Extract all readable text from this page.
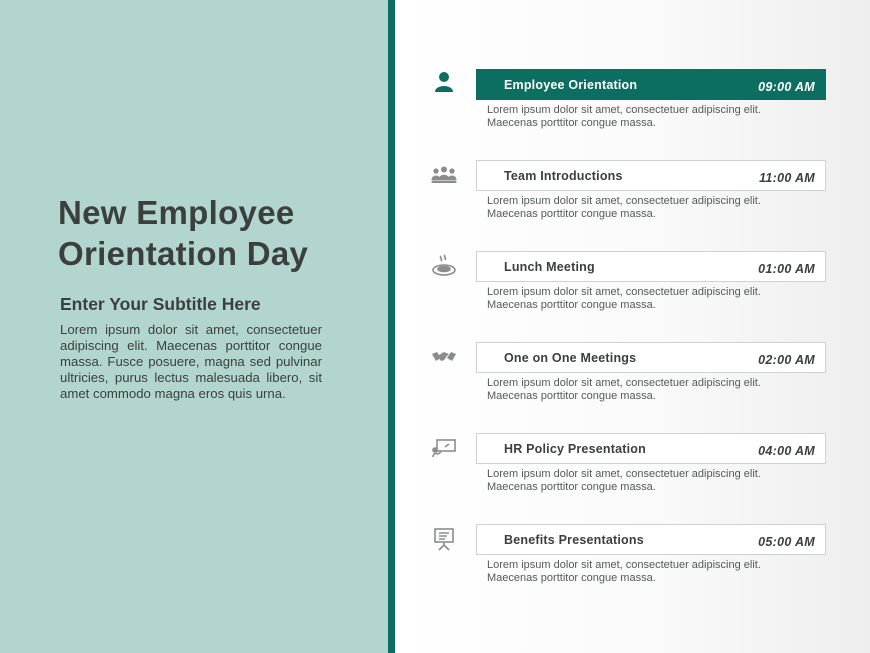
New Employee
Orientation Day
Enter Your Subtitle Here

Lorem ipsum dolor sit amet, consectetuer adipiscing elit. Maecenas porttitor congue massa. Fusce posuere, magna sed pulvinar ultricies, purus lectus malesuada libero, sit amet commodo magna eros quis urna.

Employee Orientation	09:00 AM

Lorem ipsum dolor sit amet, consectetuer adipiscing elit.
Maecenas porttitor congue massa.

Team Introductions	11:00 AM

Lorem ipsum dolor sit amet, consectetuer adipiscing elit.
Maecenas porttitor congue massa.

Lunch Meeting	01:00 AM

Lorem ipsum dolor sit amet, consectetuer adipiscing elit.
Maecenas porttitor congue massa.

One on One Meetings	02:00 AM

Lorem ipsum dolor sit amet, consectetuer adipiscing elit.
Maecenas porttitor congue massa.

HR Policy Presentation	04:00 AM

Lorem ipsum dolor sit amet, consectetuer adipiscing elit.
Maecenas porttitor congue massa.

Benefits Presentations	05:00 AM

Lorem ipsum dolor sit amet, consectetuer adipiscing elit.
Maecenas porttitor congue massa.
